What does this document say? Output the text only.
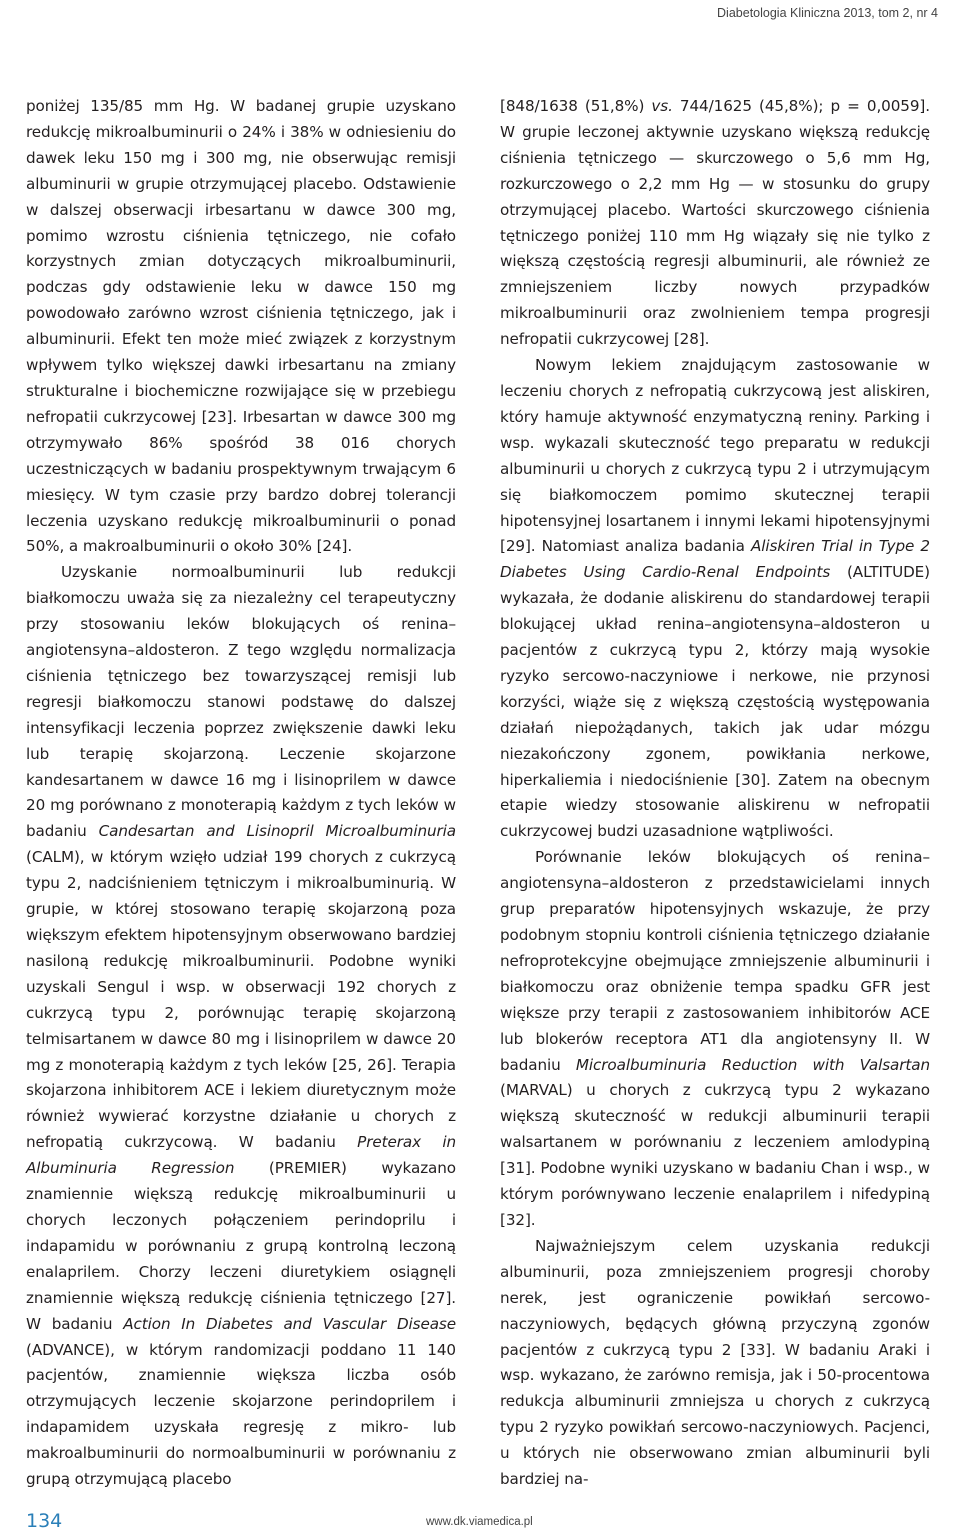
Diabetologia Kliniczna 2013, tom 2, nr 4

poniżej 135/85 mm Hg. W badanej grupie uzyskano redukcję mikroalbuminurii o 24% i 38% w odniesieniu do dawek leku 150 mg i 300 mg, nie obserwując remisji albuminurii w grupie otrzymującej placebo. Odstawienie w dalszej obserwacji irbesartanu w dawce 300 mg, pomimo wzrostu ciśnienia tętniczego, nie cofało korzystnych zmian dotyczących mikroalbuminurii, podczas gdy odstawienie leku w dawce 150 mg powodowało zarówno wzrost ciśnienia tętniczego, jak i albuminurii. Efekt ten może mieć związek z korzystnym wpływem tylko większej dawki irbesartanu na zmiany strukturalne i biochemiczne rozwijające się w przebiegu nefropatii cukrzycowej [23]. Irbesartan w dawce 300 mg otrzymywało 86% spośród 38 016 chorych uczestniczących w badaniu prospektywnym trwającym 6 miesięcy. W tym czasie przy bardzo dobrej tolerancji leczenia uzyskano redukcję mikroalbuminurii o ponad 50%, a makroalbuminurii o około 30% [24].

Uzyskanie normoalbuminurii lub redukcji białkomoczu uważa się za niezależny cel terapeutyczny przy stosowaniu leków blokujących oś renina–angiotensyna–aldosteron. Z tego względu normalizacja ciśnienia tętniczego bez towarzyszącej remisji lub regresji białkomoczu stanowi podstawę do dalszej intensyfikacji leczenia poprzez zwiększenie dawki leku lub terapię skojarzoną. Leczenie skojarzone kandesartanem w dawce 16 mg i lisinoprilem w dawce 20 mg porównano z monoterapią każdym z tych leków w badaniu Candesartan and Lisinopril Microalbuminuria (CALM), w którym wzięło udział 199 chorych z cukrzycą typu 2, nadciśnieniem tętniczym i mikroalbuminurią. W grupie, w której stosowano terapię skojarzoną poza większym efektem hipotensyjnym obserwowano bardziej nasiloną redukcję mikroalbuminurii. Podobne wyniki uzyskali Sengul i wsp. w obserwacji 192 chorych z cukrzycą typu 2, porównując terapię skojarzoną telmisartanem w dawce 80 mg i lisinoprilem w dawce 20 mg z monoterapią każdym z tych leków [25, 26]. Terapia skojarzona inhibitorem ACE i lekiem diuretycznym może również wywierać korzystne działanie u chorych z nefropatią cukrzycową. W badaniu Preterax in Albuminuria Regression (PREMIER) wykazano znamiennie większą redukcję mikroalbuminurii u chorych leczonych połączeniem perindoprilu i indapamidu w porównaniu z grupą kontrolną leczoną enalaprilem. Chorzy leczeni diuretykiem osiągnęli znamiennie większą redukcję ciśnienia tętniczego [27]. W badaniu Action In Diabetes and Vascular Disease (ADVANCE), w którym randomizacji poddano 11 140 pacjentów, znamiennie większa liczba osób otrzymujących leczenie skojarzone perindoprilem i indapamidem uzyskała regresję z mikro- lub makroalbuminurii do normoalbuminurii w porównaniu z grupą otrzymującą placebo

[848/1638 (51,8%) vs. 744/1625 (45,8%); p = 0,0059]. W grupie leczonej aktywnie uzyskano większą redukcję ciśnienia tętniczego — skurczowego o 5,6 mm Hg, rozkurczowego o 2,2 mm Hg — w stosunku do grupy otrzymującej placebo. Wartości skurczowego ciśnienia tętniczego poniżej 110 mm Hg wiązały się nie tylko z większą częstością regresji albuminurii, ale również ze zmniejszeniem liczby nowych przypadków mikroalbuminurii oraz zwolnieniem tempa progresji nefropatii cukrzycowej [28].

Nowym lekiem znajdującym zastosowanie w leczeniu chorych z nefropatią cukrzycową jest aliskiren, który hamuje aktywność enzymatyczną reniny. Parking i wsp. wykazali skuteczność tego preparatu w redukcji albuminurii u chorych z cukrzycą typu 2 i utrzymującym się białkomoczem pomimo skutecznej terapii hipotensyjnej losartanem i innymi lekami hipotensyjnymi [29]. Natomiast analiza badania Aliskiren Trial in Type 2 Diabetes Using Cardio-Renal Endpoints (ALTITUDE) wykazała, że dodanie aliskirenu do standardowej terapii blokującej układ renina–angiotensyna–aldosteron u pacjentów z cukrzycą typu 2, którzy mają wysokie ryzyko sercowo-naczyniowe i nerkowe, nie przynosi korzyści, wiąże się z większą częstością występowania działań niepożądanych, takich jak udar mózgu niezakończony zgonem, powikłania nerkowe, hiperkaliemia i niedociśnienie [30]. Zatem na obecnym etapie wiedzy stosowanie aliskirenu w nefropatii cukrzycowej budzi uzasadnione wątpliwości.

Porównanie leków blokujących oś renina–angiotensyna–aldosteron z przedstawicielami innych grup preparatów hipotensyjnych wskazuje, że przy podobnym stopniu kontroli ciśnienia tętniczego działanie nefroprotekcyjne obejmujące zmniejszenie albuminurii i białkomoczu oraz obniżenie tempa spadku GFR jest większe przy terapii z zastosowaniem inhibitorów ACE lub blokerów receptora AT1 dla angiotensyny II. W badaniu Microalbuminuria Reduction with Valsartan (MARVAL) u chorych z cukrzycą typu 2 wykazano większą skuteczność w redukcji albuminurii terapii walsartanem w porównaniu z leczeniem amlodypiną [31]. Podobne wyniki uzyskano w badaniu Chan i wsp., w którym porównywano leczenie enalaprilem i nifedypiną [32].

Najważniejszym celem uzyskania redukcji albuminurii, poza zmniejszeniem progresji choroby nerek, jest ograniczenie powikłań sercowo-naczyniowych, będących główną przyczyną zgonów pacjentów z cukrzycą typu 2 [33]. W badaniu Araki i wsp. wykazano, że zarówno remisja, jak i 50-procentowa redukcja albuminurii zmniejsza u chorych z cukrzycą typu 2 ryzyko powikłań sercowo-naczyniowych. Pacjenci, u których nie obserwowano zmian albuminurii byli bardziej na-

134	www.dk.viamedica.pl
